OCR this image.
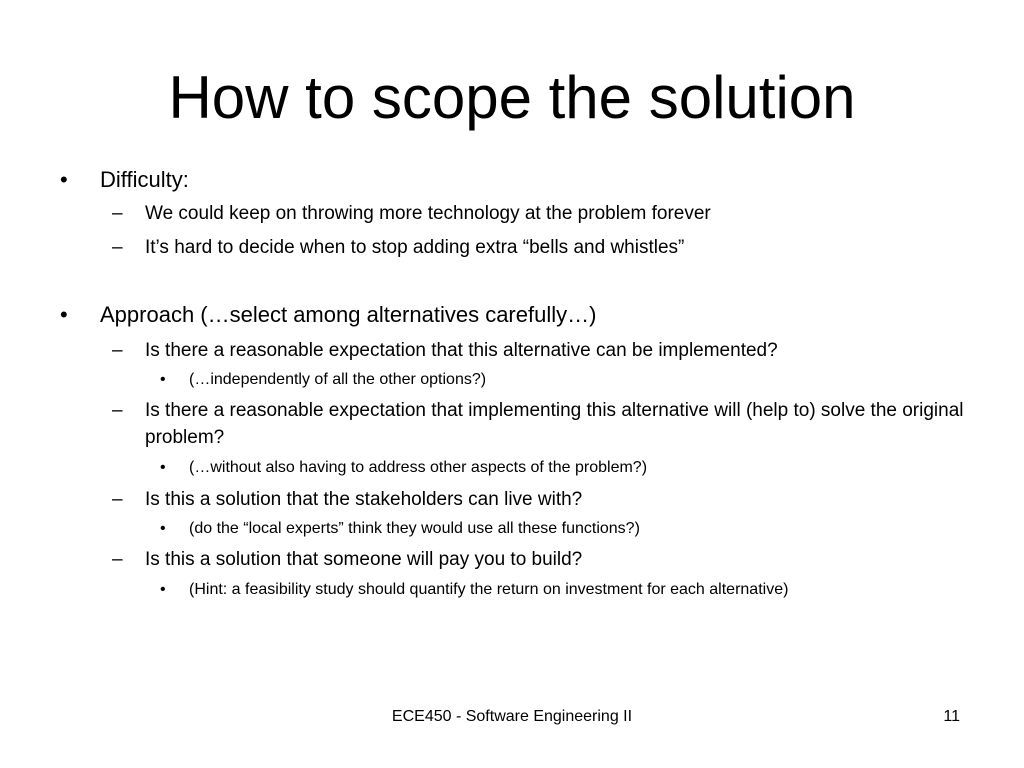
How to scope the solution
•	Difficulty:
–	We could keep on throwing more technology at the problem forever
–	It’s hard to decide when to stop adding extra “bells and whistles”
•	Approach (…select among alternatives carefully…)
–	Is there a reasonable expectation that this alternative can be implemented?
•	(…independently of all the other options?)
–	Is there a reasonable expectation that implementing this alternative will (help to) solve the original problem?
•	(…without also having to address other aspects of the problem?)
–	Is this a solution that the stakeholders can live with?
•	(do the “local experts” think they would use all these functions?)
–	Is this a solution that someone will pay you to build?
•	(Hint: a feasibility study should quantify the return on investment for each alternative)
ECE450 - Software Engineering II	11
